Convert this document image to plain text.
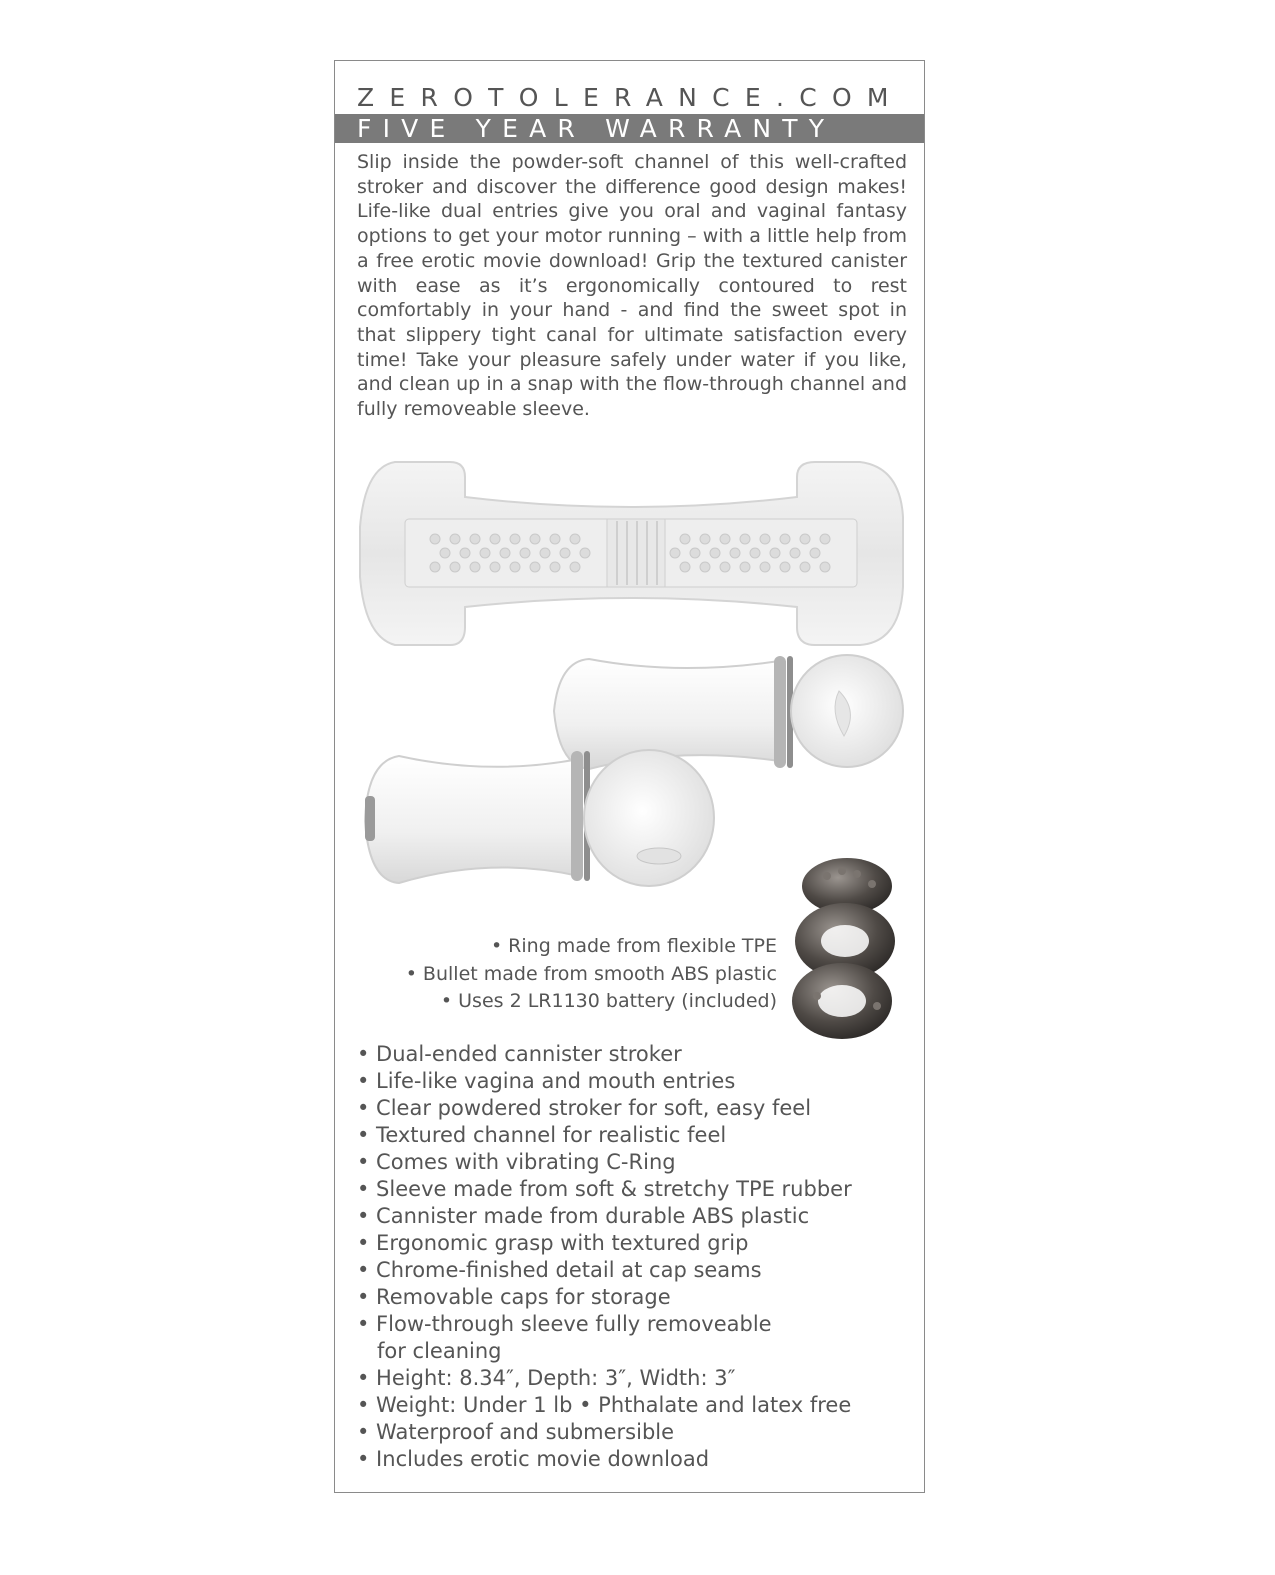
ZEROTOLERANCE.COM
FIVE YEAR WARRANTY

Slip inside the powder-soft channel of this well-crafted stroker and discover the difference good design makes! Life-like dual entries give you oral and vaginal fantasy options to get your motor running – with a little help from a free erotic movie download! Grip the textured canister with ease as it’s ergonomically contoured to rest comfortably in your hand - and find the sweet spot in that slippery tight canal for ultimate satisfaction every time! Take your pleasure safely under water if you like, and clean up in a snap with the flow-through channel and fully removeable sleeve.

• Ring made from flexible TPE
• Bullet made from smooth ABS plastic
• Uses 2 LR1130 battery (included)
• Dual-ended cannister stroker
• Life-like vagina and mouth entries
• Clear powdered stroker for soft, easy feel
• Textured channel for realistic feel
• Comes with vibrating C-Ring
• Sleeve made from soft & stretchy TPE rubber
• Cannister made from durable ABS plastic
• Ergonomic grasp with textured grip
• Chrome-finished detail at cap seams
• Removable caps for storage
• Flow-through sleeve fully removeable
for cleaning
• Height: 8.34″, Depth: 3″, Width: 3″
• Weight: Under 1 lb • Phthalate and latex free
• Waterproof and submersible
• Includes erotic movie download
